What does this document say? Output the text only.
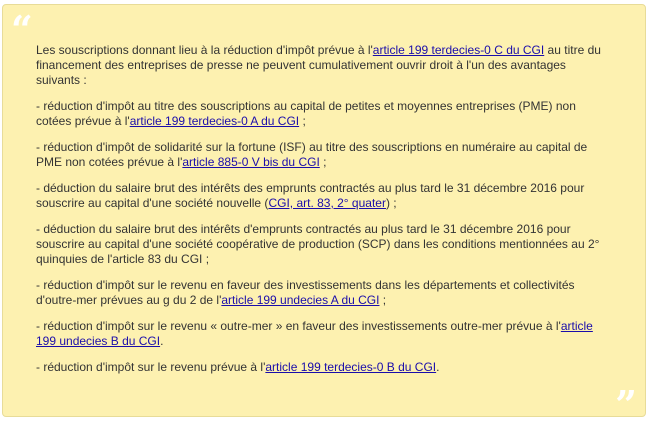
“ Les souscriptions donnant lieu à la réduction d'impôt prévue à l'article 199 terdecies-0 C du CGI au titre du financement des entreprises de presse ne peuvent cumulativement ouvrir droit à l'un des avantages suivants :

- réduction d'impôt au titre des souscriptions au capital de petites et moyennes entreprises (PME) non cotées prévue à l'article 199 terdecies-0 A du CGI ;

- réduction d'impôt de solidarité sur la fortune (ISF) au titre des souscriptions en numéraire au capital de PME non cotées prévue à l'article 885-0 V bis du CGI ;

- déduction du salaire brut des intérêts des emprunts contractés au plus tard le 31 décembre 2016 pour souscrire au capital d'une société nouvelle (CGI, art. 83, 2° quater) ;

- déduction du salaire brut des intérêts d'emprunts contractés au plus tard le 31 décembre 2016 pour souscrire au capital d'une société coopérative de production (SCP) dans les conditions mentionnées au 2° quinquies de l'article 83 du CGI ;

- réduction d'impôt sur le revenu en faveur des investissements dans les départements et collectivités d'outre-mer prévues au g du 2 de l'article 199 undecies A du CGI ;

- réduction d'impôt sur le revenu « outre-mer » en faveur des investissements outre-mer prévue à l'article 199 undecies B du CGI.

- réduction d'impôt sur le revenu prévue à l'article 199 terdecies-0 B du CGI.

”
